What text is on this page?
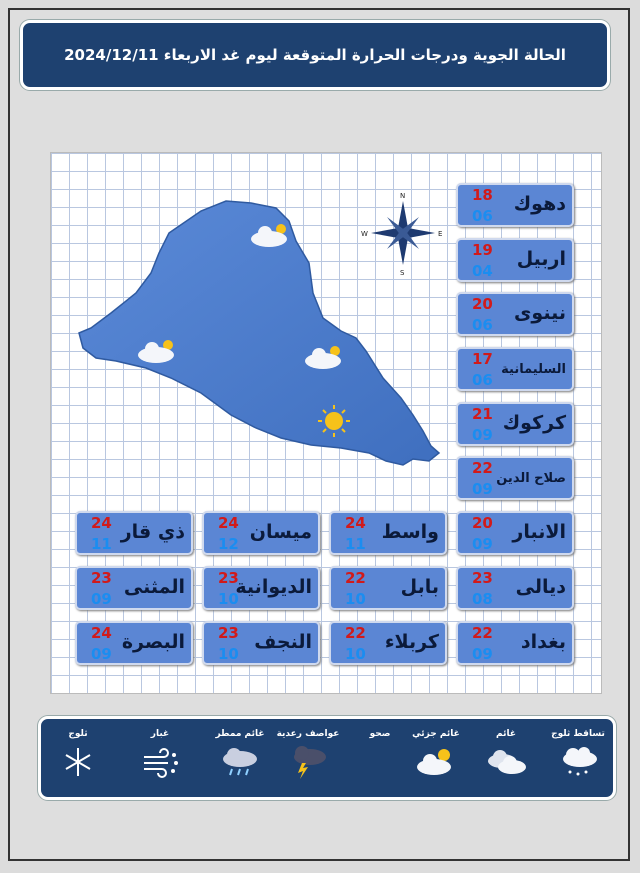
الحالة الجوية ودرجات الحرارة المتوقعة ليوم غد الاربعاء 2024/12/11
N
S
E
W
18
06
دهوك
19
04
اربيل
20
06
نينوى
17
06
السليمانية
21
09
كركوك
22
09
صلاح الدين
20
09
الانبار
24
11
واسط
24
12
ميسان
24
11
ذي قار
23
08
ديالى
22
10
بابل
23
10
الديوانية
23
09
المثنى
22
09
بغداد
22
10
كربلاء
23
10
النجف
24
09
البصرة
تساقط ثلوج
غائم
غائم جزئي
صحو
عواصف رعدية
غائم ممطر
غبار
ثلوج
